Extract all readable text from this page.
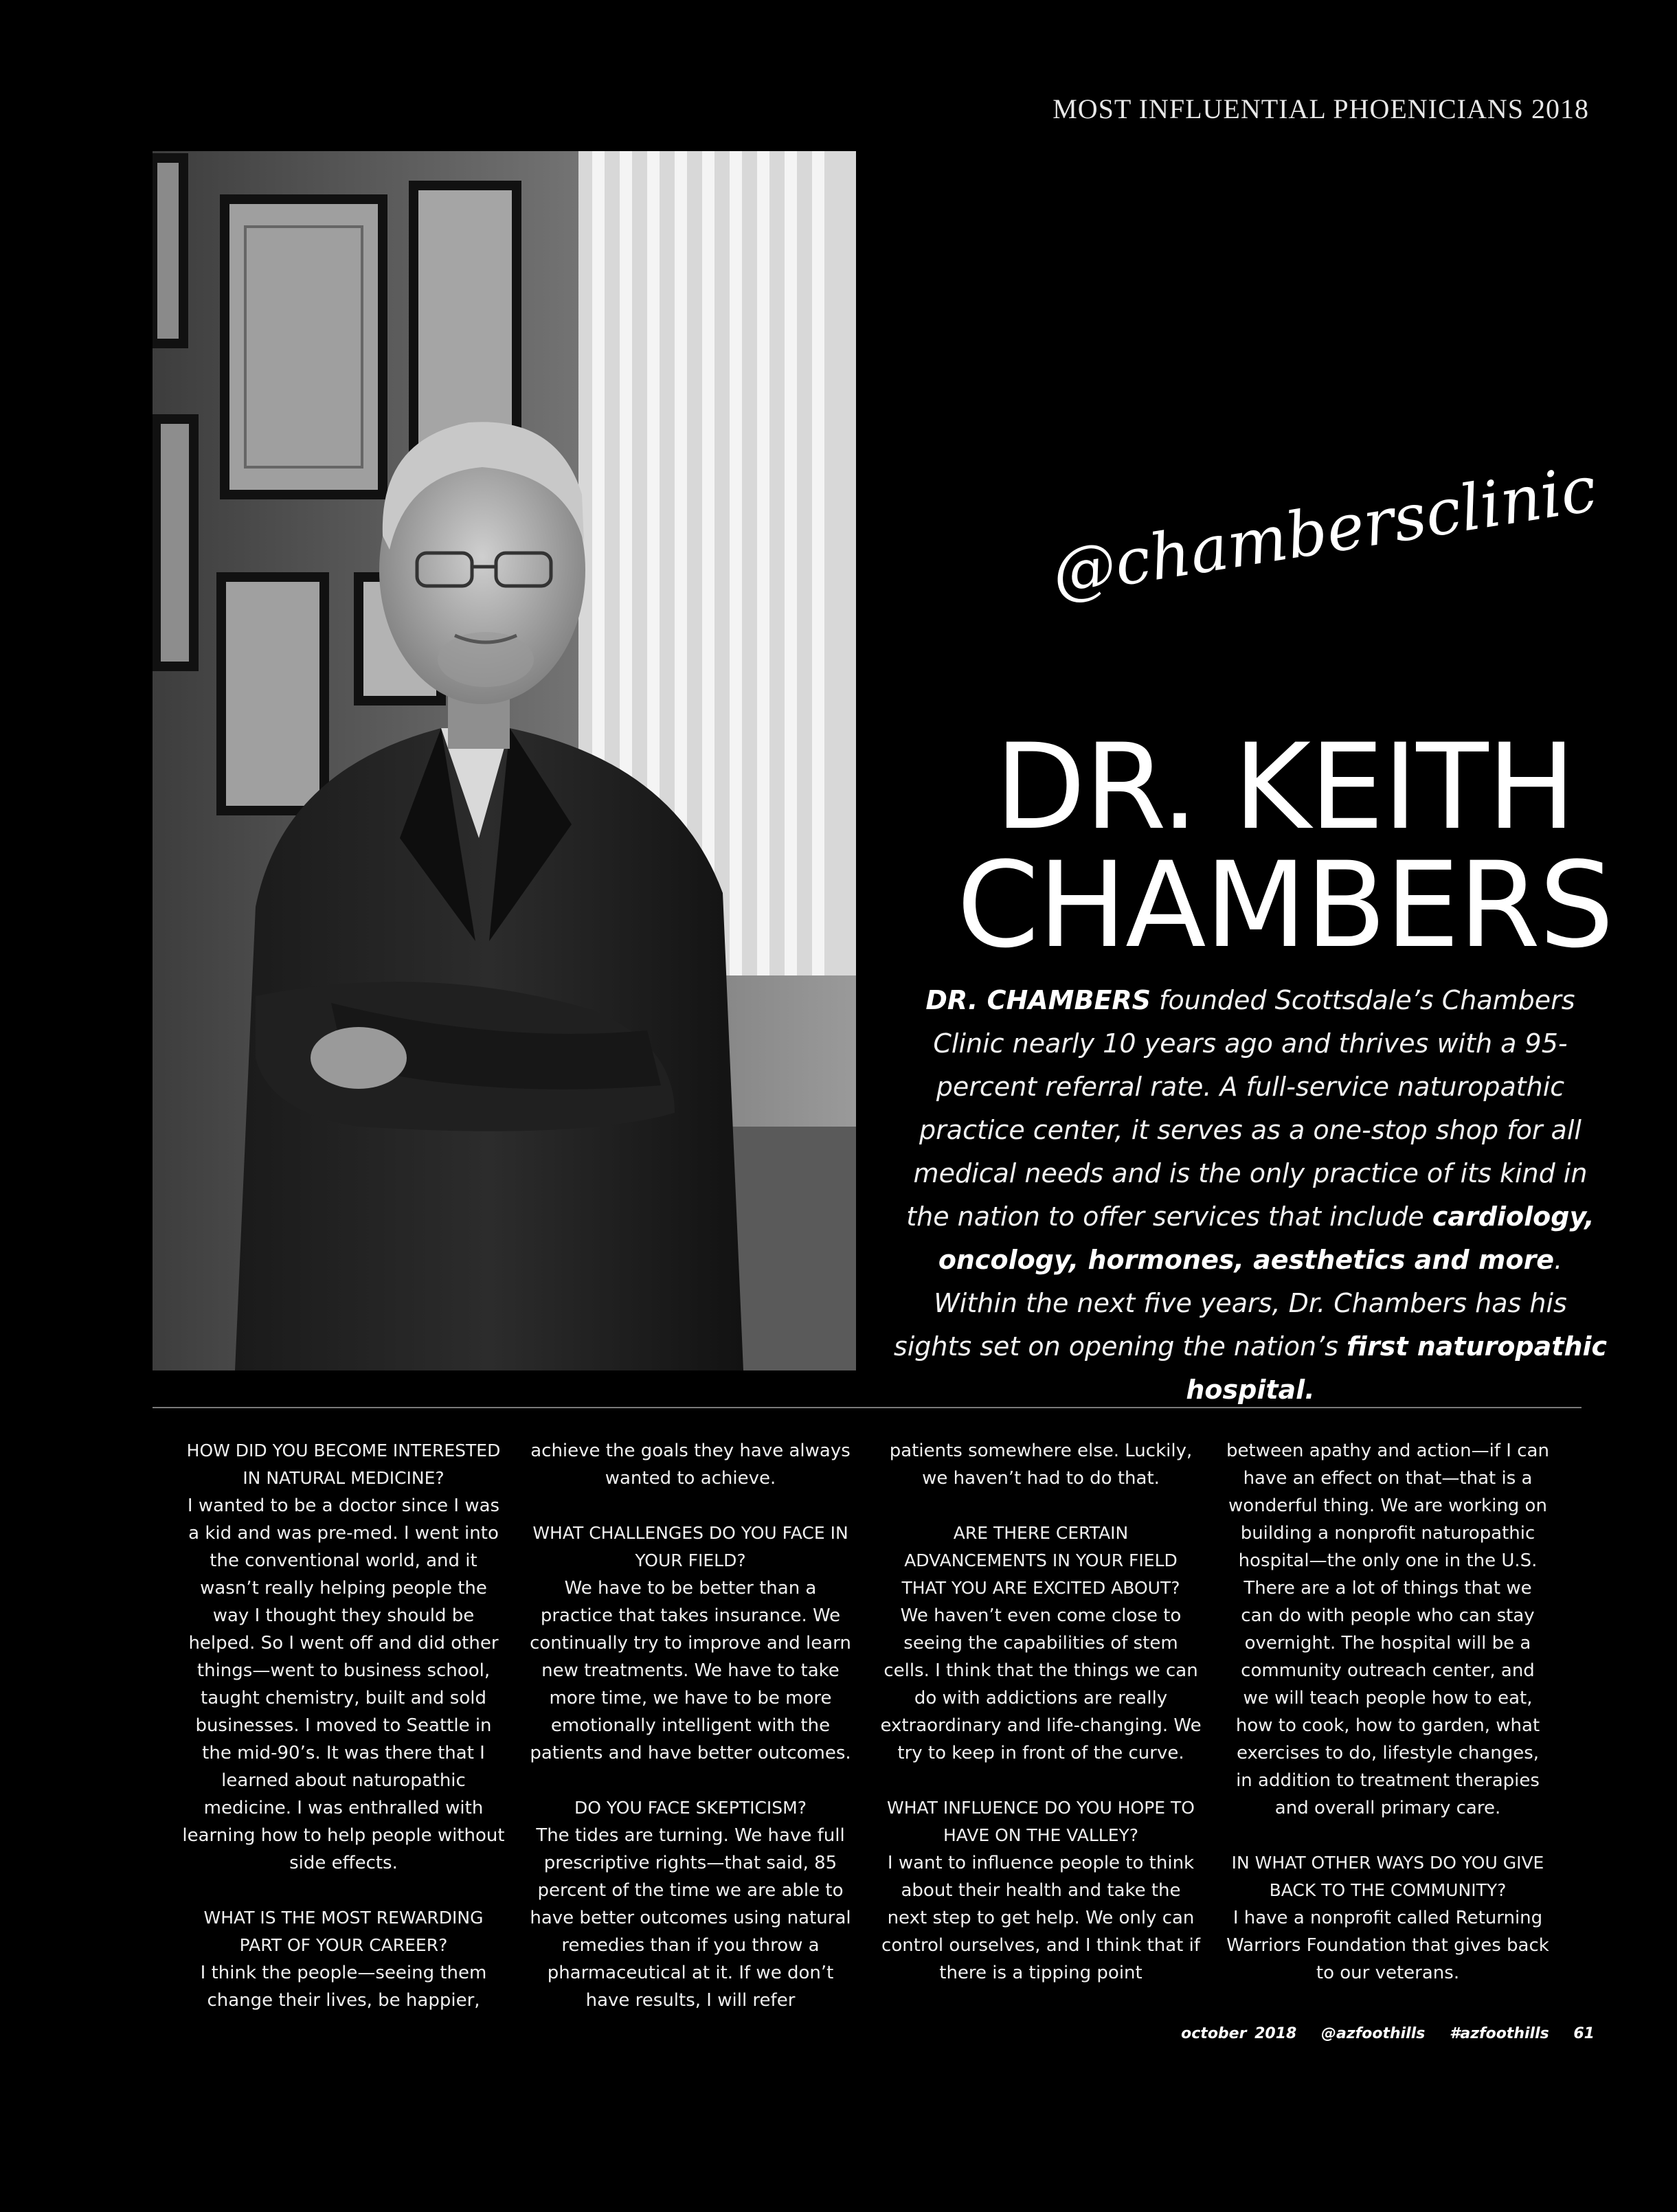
MOST INFLUENTIAL PHOENICIANS 2018
@chambersclinic
DR. KEITH
CHAMBERS
DR. CHAMBERS founded Scottsdale’s Chambers Clinic nearly 10 years ago and thrives with a 95-percent referral rate. A full-service naturopathic practice center, it serves as a one-stop shop for all medical needs and is the only practice of its kind in the nation to offer services that include cardiology, oncology, hormones, aesthetics and more. Within the next five years, Dr. Chambers has his sights set on opening the nation’s first naturopathic hospital.

HOW DID YOU BECOME INTERESTED IN NATURAL MEDICINE?

I wanted to be a doctor since I was a kid and was pre-med. I went into the conventional world, and it wasn’t really helping people the way I thought they should be helped. So I went off and did other things—went to business school, taught chemistry, built and sold businesses. I moved to Seattle in the mid-90’s. It was there that I learned about naturopathic medicine. I was enthralled with learning how to help people without side effects.

WHAT IS THE MOST REWARDING PART OF YOUR CAREER?

I think the people—seeing them change their lives, be happier,

achieve the goals they have always wanted to achieve.

WHAT CHALLENGES DO YOU FACE IN YOUR FIELD?

We have to be better than a practice that takes insurance. We continually try to improve and learn new treatments. We have to take more time, we have to be more emotionally intelligent with the patients and have better outcomes.

DO YOU FACE SKEPTICISM?

The tides are turning. We have full prescriptive rights—that said, 85 percent of the time we are able to have better outcomes using natural remedies than if you throw a pharmaceutical at it. If we don’t have results, I will refer

patients somewhere else. Luckily, we haven’t had to do that.

ARE THERE CERTAIN ADVANCEMENTS IN YOUR FIELD THAT YOU ARE EXCITED ABOUT?

We haven’t even come close to seeing the capabilities of stem cells. I think that the things we can do with addictions are really extraordinary and life-changing. We try to keep in front of the curve.

WHAT INFLUENCE DO YOU HOPE TO HAVE ON THE VALLEY?

I want to influence people to think about their health and take the next step to get help. We only can control ourselves, and I think that if there is a tipping point

between apathy and action—if I can have an effect on that—that is a wonderful thing. We are working on building a nonprofit naturopathic hospital—the only one in the U.S. There are a lot of things that we can do with people who can stay overnight. The hospital will be a community outreach center, and we will teach people how to eat, how to cook, how to garden, what exercises to do, lifestyle changes, in addition to treatment therapies and overall primary care.

IN WHAT OTHER WAYS DO YOU GIVE BACK TO THE COMMUNITY?

I have a nonprofit called Returning Warriors Foundation that gives back to our veterans.

october 2018 @azfoothills #azfoothills 61
